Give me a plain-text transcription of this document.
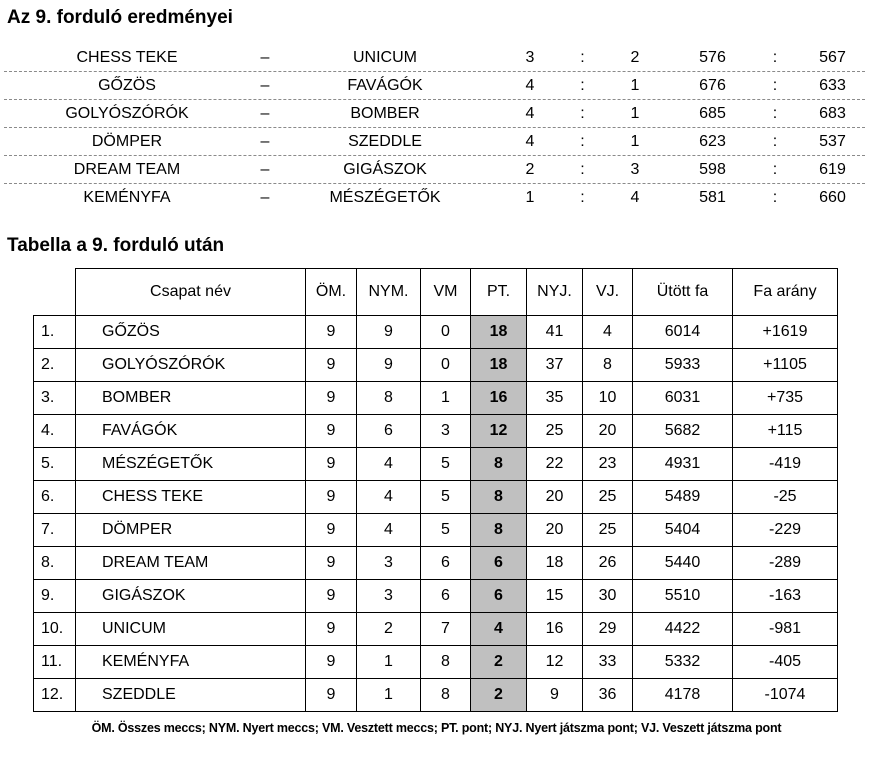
Az 9. forduló eredményei
CHESS TEKE	–	UNICUM	3	:	2	576	:	567
GŐZÖS	–	FAVÁGÓK	4	:	1	676	:	633
GOLYÓSZÓRÓK	–	BOMBER	4	:	1	685	:	683
DÖMPER	–	SZEDDLE	4	:	1	623	:	537
DREAM TEAM	–	GIGÁSZOK	2	:	3	598	:	619
KEMÉNYFA	–	MÉSZÉGETŐK	1	:	4	581	:	660
Tabella a 9. forduló után
	Csapat név	ÖM.	NYM.	VM	PT.	NYJ.	VJ.	Ütött fa	Fa arány
1.	GŐZÖS	9	9	0	18	41	4	6014	+1619
2.	GOLYÓSZÓRÓK	9	9	0	18	37	8	5933	+1105
3.	BOMBER	9	8	1	16	35	10	6031	+735
4.	FAVÁGÓK	9	6	3	12	25	20	5682	+115
5.	MÉSZÉGETŐK	9	4	5	8	22	23	4931	-419
6.	CHESS TEKE	9	4	5	8	20	25	5489	-25
7.	DÖMPER	9	4	5	8	20	25	5404	-229
8.	DREAM TEAM	9	3	6	6	18	26	5440	-289
9.	GIGÁSZOK	9	3	6	6	15	30	5510	-163
10.	UNICUM	9	2	7	4	16	29	4422	-981
11.	KEMÉNYFA	9	1	8	2	12	33	5332	-405
12.	SZEDDLE	9	1	8	2	9	36	4178	-1074
ÖM. Összes meccs; NYM. Nyert meccs; VM. Vesztett meccs; PT. pont; NYJ. Nyert játszma pont; VJ. Veszett játszma pont
